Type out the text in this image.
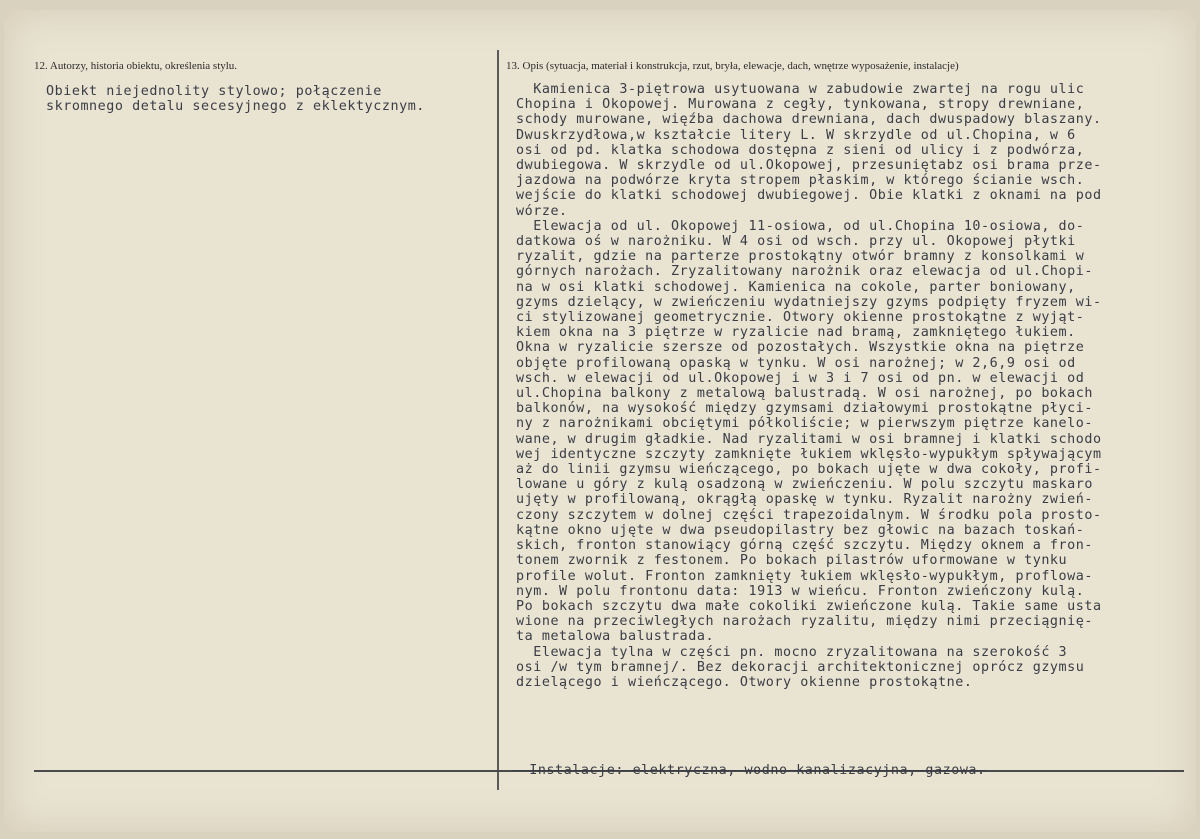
12. Autorzy, historia obiektu, określenia stylu.	13. Opis (sytuacja, materiał i konstrukcja, rzut, bryła, elewacje, dach, wnętrze wyposażenie, instalacje)
Obiekt niejednolity stylowo; połączenie
skromnego detalu secesyjnego z eklektycznym.
Kamienica 3-piętrowa usytuowana w zabudowie zwartej na rogu ulic
Chopina i Okopowej. Murowana z cegły, tynkowana, stropy drewniane,
schody murowane, więźba dachowa drewniana, dach dwuspadowy blaszany.
Dwuskrzydłowa,w kształcie litery L. W skrzydle od ul.Chopina, w 6
osi od pd. klatka schodowa dostępna z sieni od ulicy i z podwórza,
dwubiegowa. W skrzydle od ul.Okopowej, przesuniętabz osi brama prze-
jazdowa na podwórze kryta stropem płaskim, w którego ścianie wsch.
wejście do klatki schodowej dwubiegowej. Obie klatki z oknami na pod
wórze.
Elewacja od ul. Okopowej 11-osiowa, od ul.Chopina 10-osiowa, do-
datkowa oś w narożniku. W 4 osi od wsch. przy ul. Okopowej płytki
ryzalit, gdzie na parterze prostokątny otwór bramny z konsolkami w
górnych narożach. Zryzalitowany narożnik oraz elewacja od ul.Chopi-
na w osi klatki schodowej. Kamienica na cokole, parter boniowany,
gzyms dzielący, w zwieńczeniu wydatniejszy gzyms podpięty fryzem wi-
ci stylizowanej geometrycznie. Otwory okienne prostokątne z wyjąt-
kiem okna na 3 piętrze w ryzalicie nad bramą, zamkniętego łukiem.
Okna w ryzalicie szersze od pozostałych. Wszystkie okna na piętrze
objęte profilowaną opaską w tynku. W osi narożnej; w 2,6,9 osi od
wsch. w elewacji od ul.Okopowej i w 3 i 7 osi od pn. w elewacji od
ul.Chopina balkony z metalową balustradą. W osi narożnej, po bokach
balkonów, na wysokość między gzymsami działowymi prostokątne płyci-
ny z narożnikami obciętymi półkoliście; w pierwszym piętrze kanelo-
wane, w drugim gładkie. Nad ryzalitami w osi bramnej i klatki schodo
wej identyczne szczyty zamknięte łukiem wklęsło-wypukłym spływającym
aż do linii gzymsu wieńczącego, po bokach ujęte w dwa cokoły, profi-
lowane u góry z kulą osadzoną w zwieńczeniu. W polu szczytu maskaro
ujęty w profilowaną, okrągłą opaskę w tynku. Ryzalit narożny zwień-
czony szczytem w dolnej części trapezoidalnym. W środku pola prosto-
kątne okno ujęte w dwa pseudopilastry bez głowic na bazach toskań-
skich, fronton stanowiący górną część szczytu. Między oknem a fron-
tonem zwornik z festonem. Po bokach pilastrów uformowane w tynku
profile wolut. Fronton zamknięty łukiem wklęsło-wypukłym, proflowa-
nym. W polu frontonu data: 1913 w wieńcu. Fronton zwieńczony kulą.
Po bokach szczytu dwa małe cokoliki zwieńczone kulą. Takie same usta
wione na przeciwległych narożach ryzalitu, między nimi przeciągnię-
ta metalowa balustrada.
Elewacja tylna w części pn. mocno zryzalitowana na szerokość 3
osi /w tym bramnej/. Bez dekoracji architektonicznej oprócz gzymsu
dzielącego i wieńczącego. Otwory okienne prostokątne.
Instalacje: elektryczna, wodno-kanalizacyjna, gazowa.
